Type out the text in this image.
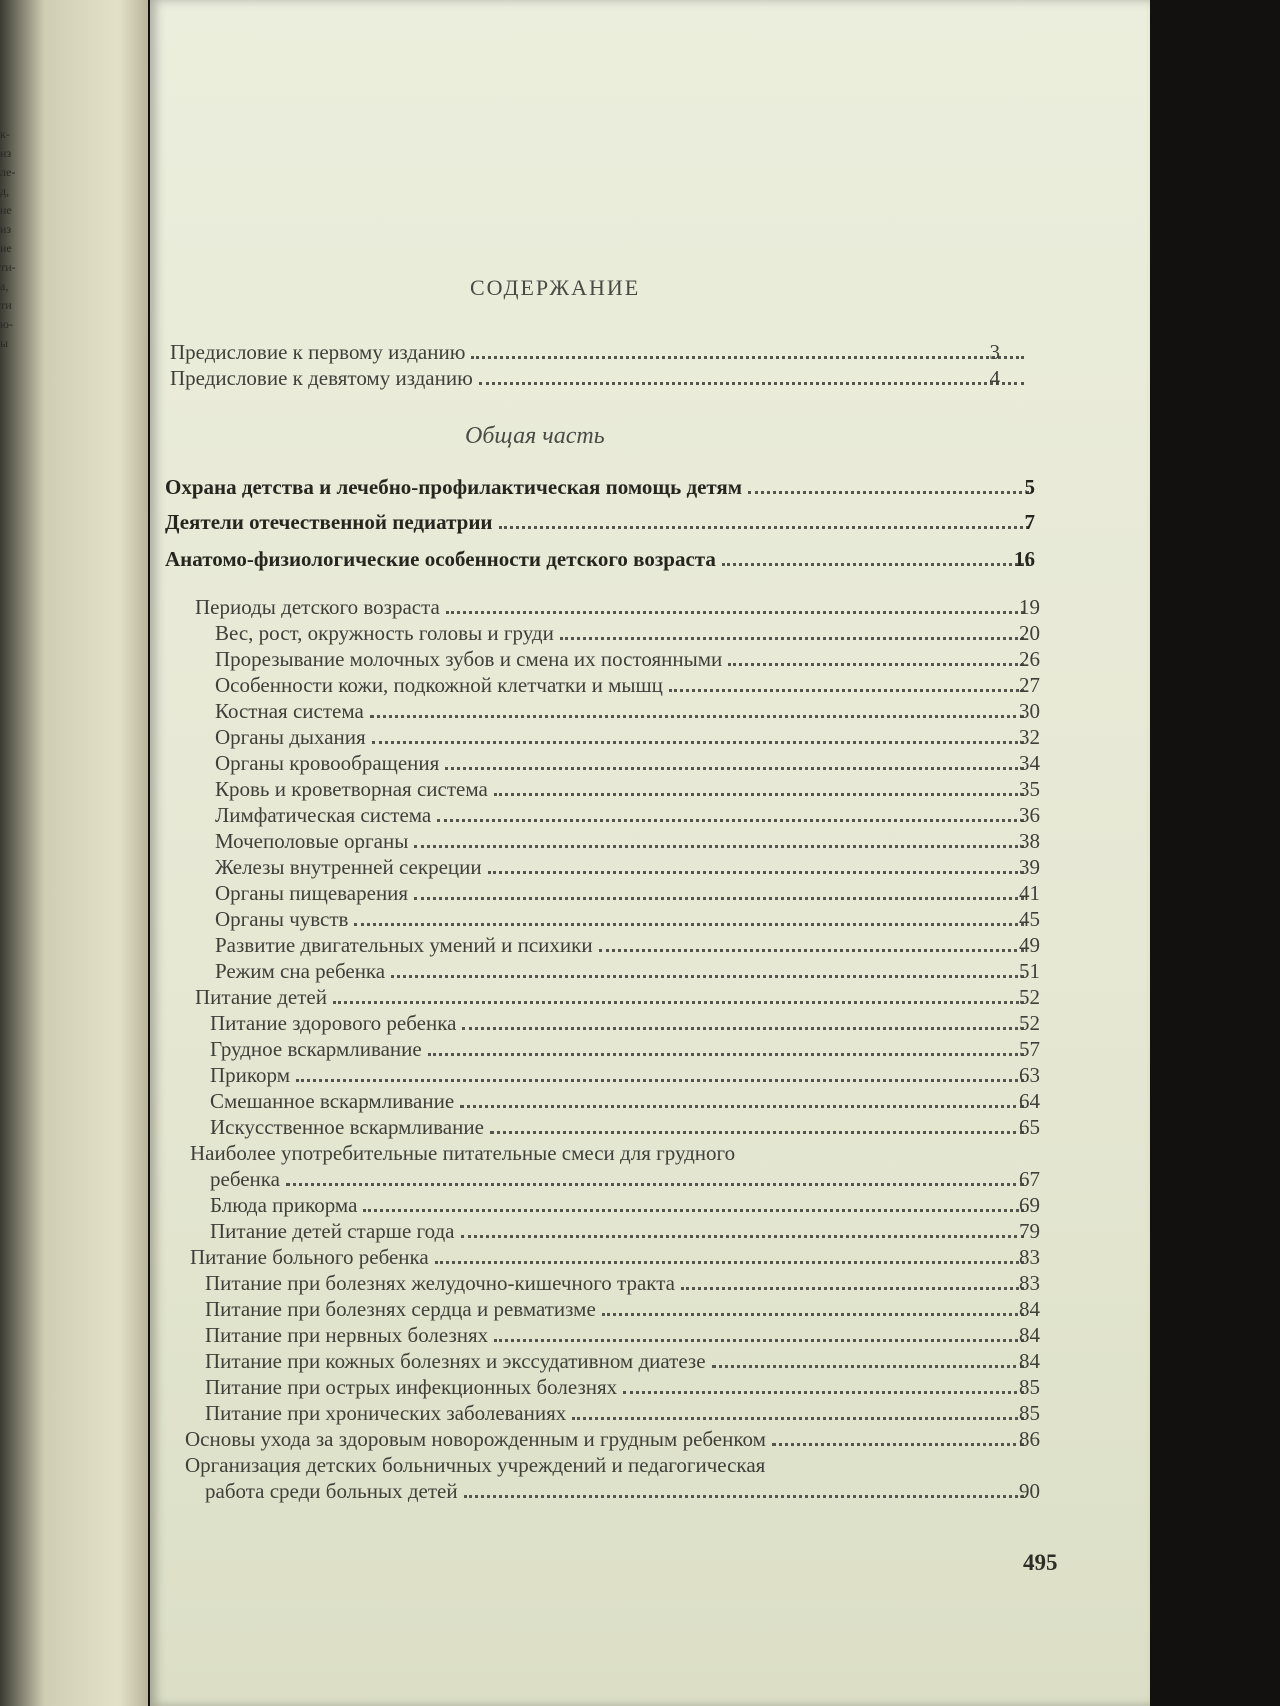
к-
из
ле-
д,
не
из
ие
ти-
а,
ти
ю-
ы
СОДЕРЖАНИЕ
Предисловие к первому изданию	3
Предисловие к девятому изданию	4
Общая часть
Охрана детства и лечебно-профилактическая помощь детям	5
Деятели отечественной педиатрии	7
Анатомо-физиологические особенности детского возраста	16
Периоды детского возраста	19
Вес, рост, окружность головы и груди	20
Прорезывание молочных зубов и смена их постоянными	26
Особенности кожи, подкожной клетчатки и мышц	27
Костная система	30
Органы дыхания	32
Органы кровообращения	34
Кровь и кроветворная система	35
Лимфатическая система	36
Мочеполовые органы	38
Железы внутренней секреции	39
Органы пищеварения	41
Органы чувств	45
Развитие двигательных умений и психики	49
Режим сна ребенка	51
Питание детей	52
Питание здорового ребенка	52
Грудное вскармливание	57
Прикорм	63
Смешанное вскармливание	64
Искусственное вскармливание	65
Наиболее употребительные питательные смеси для грудного
ребенка	67
Блюда прикорма	69
Питание детей старше года	79
Питание больного ребенка	83
Питание при болезнях желудочно-кишечного тракта	83
Питание при болезнях сердца и ревматизме	84
Питание при нервных болезнях	84
Питание при кожных болезнях и экссудативном диатезе	84
Питание при острых инфекционных болезнях	85
Питание при хронических заболеваниях	85
Основы ухода за здоровым новорожденным и грудным ребенком	86
Организация детских больничных учреждений и педагогическая
работа среди больных детей	90
495
